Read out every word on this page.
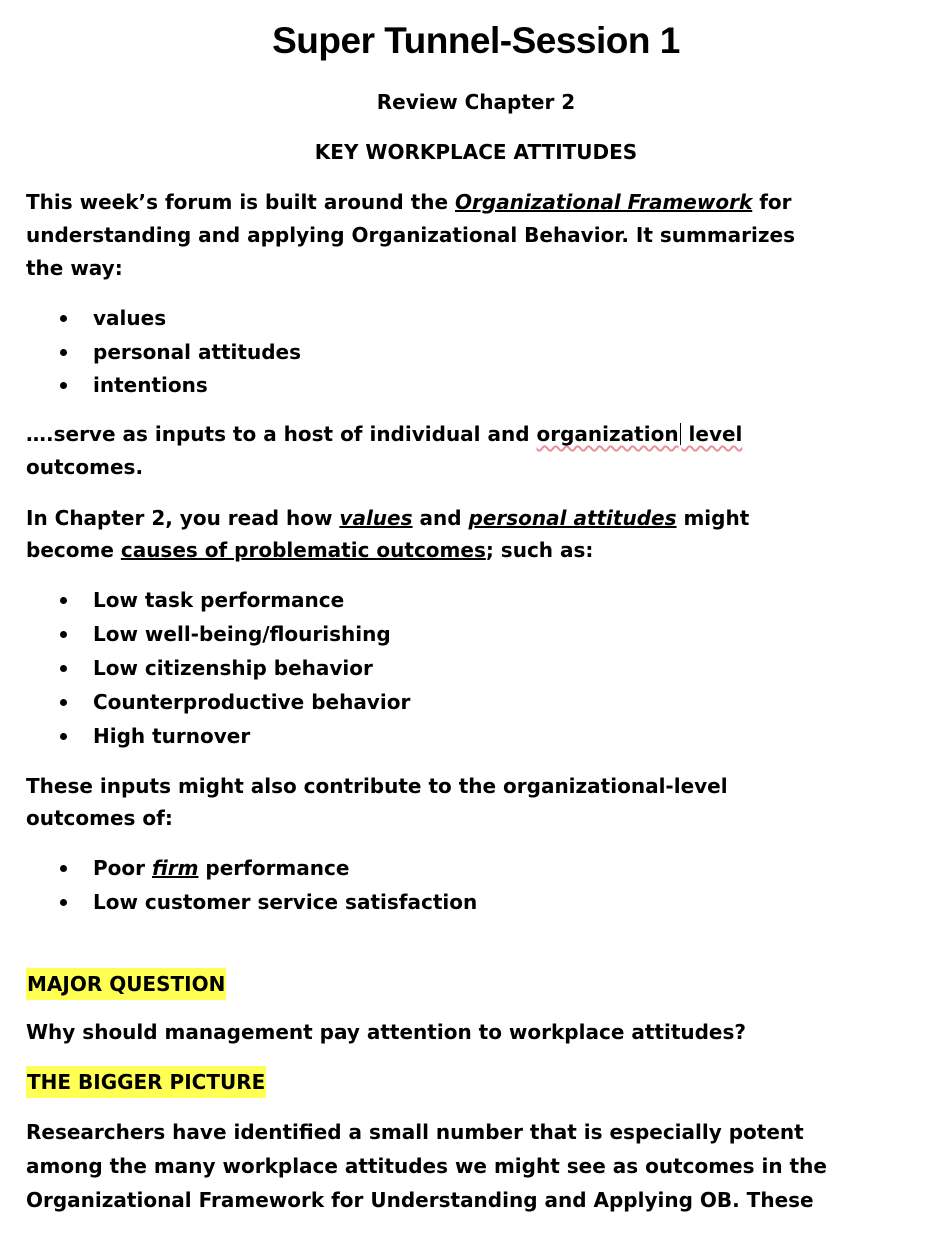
Super Tunnel-Session 1

Review Chapter 2

KEY WORKPLACE ATTITUDES

This week’s forum is built around the Organizational Framework for
understanding and applying Organizational Behavior. It summarizes
the way:
values
personal attitudes
intentions
….serve as inputs to a host of individual and organization level
outcomes.
In Chapter 2, you read how values and personal attitudes might
become causes of problematic outcomes; such as:
Low task performance
Low well-being/flourishing
Low citizenship behavior
Counterproductive behavior
High turnover
These inputs might also contribute to the organizational-level
outcomes of:
Poor firm performance
Low customer service satisfaction

MAJOR QUESTION

Why should management pay attention to workplace attitudes?

THE BIGGER PICTURE

Researchers have identified a small number that is especially potent
among the many workplace attitudes we might see as outcomes in the
Organizational Framework for Understanding and Applying OB. These
